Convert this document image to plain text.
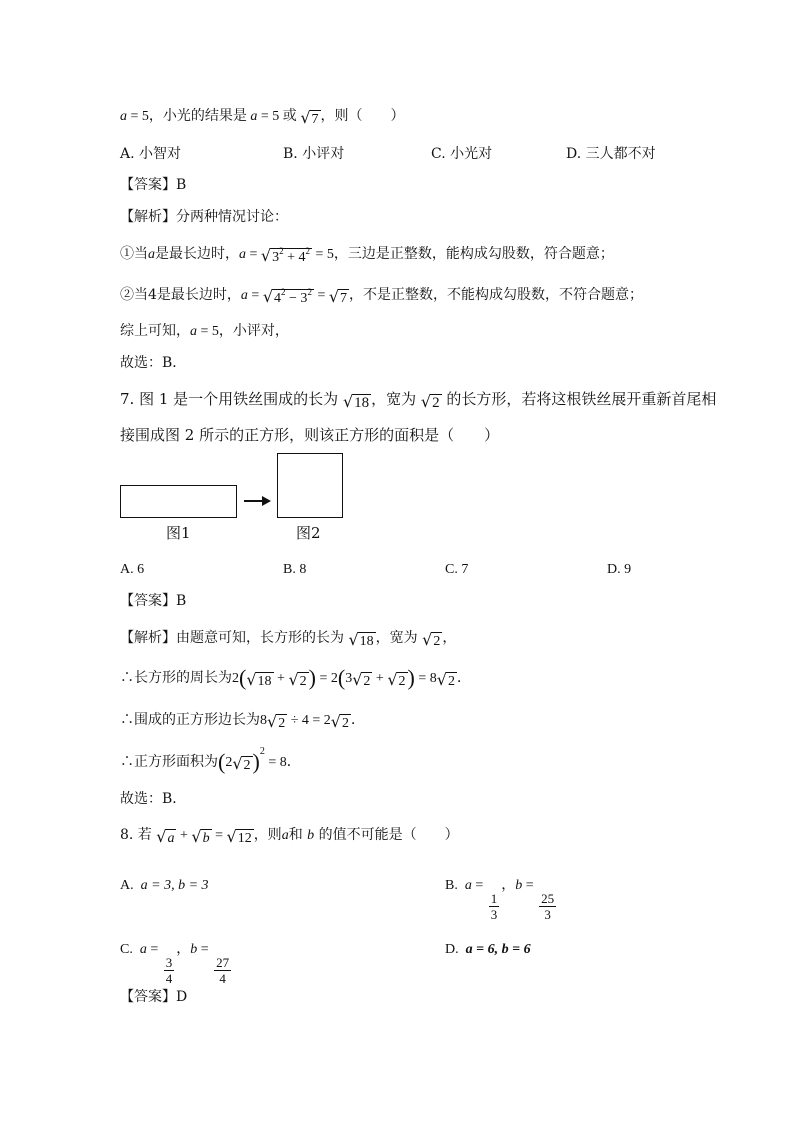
a = 5，小光的结果是 a = 5 或 √ 7 ，则（　　）
A. 小智对	B. 小评对	C. 小光对	D. 三人都不对
【答案】B
【解析】分两种情况讨论：
①当a是最长边时，a = √ $3^2 + 4^2 = 5$，三边是正整数，能构成勾股数，符合题意；
②当4是最长边时，a = √ $4^2 - 3^2$ = √ 7 ，不是正整数，不能构成勾股数，不符合题意；
综上可知，a = 5，小评对，
故选：B．
7. 图 1 是一个用铁丝围成的长为 √ 18 ，宽为 √ 2 的长方形，若将这根铁丝展开重新首尾相
接围成图 2 所示的正方形，则该正方形的面积是（　　）
图1	图2
A. 6	B. 8	C. 7	D. 9
【答案】B
【解析】由题意可知，长方形的长为 √ 18 ，宽为 √ 2 ，
∴长方形的周长为2( √ 18 + √ 2 ) = 2(3 √ 2 + √ 2 ) = 8 √ 2 ．
∴围成的正方形边长为8 √ 2 ÷ 4 = 2 √ 2 ．
∴正方形面积为(2 √ 2 )$^2$ = 8．
故选：B．
8. 若 √ a + √ b = √ 12 ，则a和 b 的值不可能是（　　）
A. a = 3, b = 3	B. a =
$\frac{1}{3}$
，b =
$\frac{25}{3}$
C. a =
$\frac{3}{4}$
，b =
$\frac{27}{4}$
D. a = 6, b = 6
【答案】D
